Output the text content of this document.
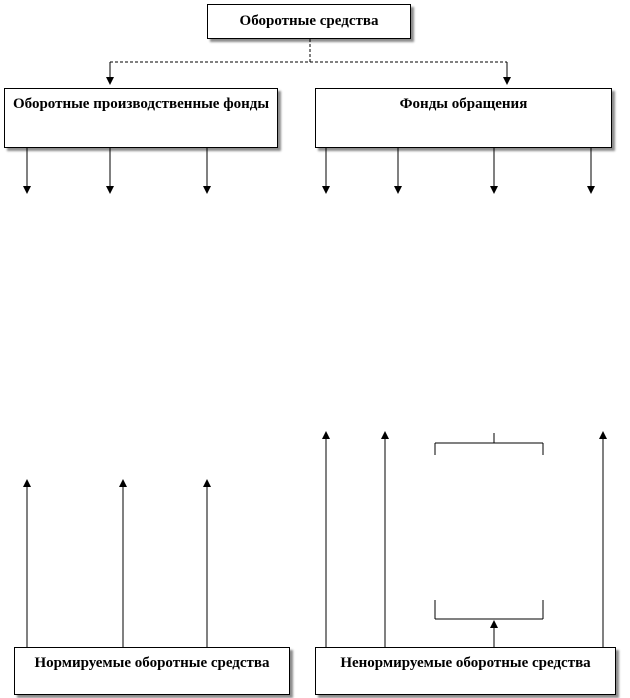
Оборотные средства
Оборотные производственные фонды	Фонды обращения
Нормируемые оборотные средства	Ненормируемые оборотные средства
